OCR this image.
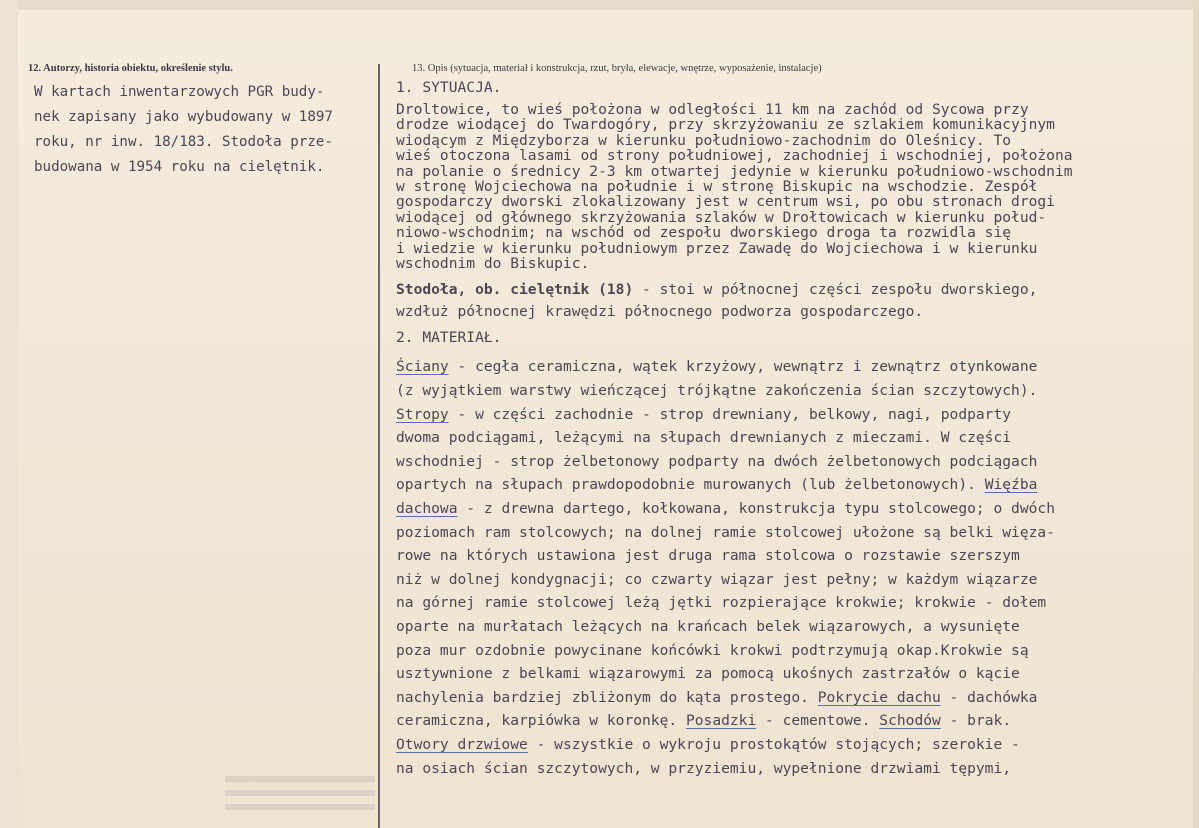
12. Autorzy, historia obiektu, określenie stylu.	13. Opis (sytuacja, materiał i konstrukcja, rzut, bryła, elewacje, wnętrze, wyposażenie, instalacje)
W kartach inwentarzowych PGR budy-
nek zapisany jako wybudowany w 1897
roku, nr inw. 18/183. Stodoła prze-
budowana w 1954 roku na cielętnik.
1. SYTUACJA.
Droltowice, to wieś położona w odległości 11 km na zachód od Sycowa przy
drodze wiodącej do Twardogóry, przy skrzyżowaniu ze szlakiem komunikacyjnym
wiodącym z Międzyborza w kierunku południowo-zachodnim do Oleśnicy. To
wieś otoczona lasami od strony południowej, zachodniej i wschodniej, położona
na polanie o średnicy 2-3 km otwartej jedynie w kierunku południowo-wschodnim
w stronę Wojciechowa na południe i w stronę Biskupic na wschodzie. Zespół
gospodarczy dworski zlokalizowany jest w centrum wsi, po obu stronach drogi
wiodącej od głównego skrzyżowania szlaków w Drołtowicach w kierunku połud-
niowo-wschodnim; na wschód od zespołu dworskiego droga ta rozwidla się
i wiedzie w kierunku południowym przez Zawadę do Wojciechowa i w kierunku
wschodnim do Biskupic.
Stodoła, ob. cielętnik (18) - stoi w północnej części zespołu dworskiego,
wzdłuż północnej krawędzi północnego podworza gospodarczego.
2. MATERIAŁ.
Ściany - cegła ceramiczna, wątek krzyżowy, wewnątrz i zewnątrz otynkowane
(z wyjątkiem warstwy wieńczącej trójkątne zakończenia ścian szczytowych).
Stropy - w części zachodnie - strop drewniany, belkowy, nagi, podparty
dwoma podciągami, leżącymi na słupach drewnianych z mieczami. W części
wschodniej - strop żelbetonowy podparty na dwóch żelbetonowych podciągach
opartych na słupach prawdopodobnie murowanych (lub żelbetonowych). Więźba
dachowa - z drewna dartego, kołkowana, konstrukcja typu stolcowego; o dwóch
poziomach ram stolcowych; na dolnej ramie stolcowej ułożone są belki więza-
rowe na których ustawiona jest druga rama stolcowa o rozstawie szerszym
niż w dolnej kondygnacji; co czwarty wiązar jest pełny; w każdym wiązarze
na górnej ramie stolcowej leżą jętki rozpierające krokwie; krokwie - dołem
oparte na murłatach leżących na krańcach belek wiązarowych, a wysunięte
poza mur ozdobnie powycinane końcówki krokwi podtrzymują okap.Krokwie są
usztywnione z belkami wiązarowymi za pomocą ukośnych zastrzałów o kącie
nachylenia bardziej zbliżonym do kąta prostego. Pokrycie dachu - dachówka
ceramiczna, karpiówka w koronkę. Posadzki - cementowe. Schodów - brak.
Otwory drzwiowe - wszystkie o wykroju prostokątów stojących; szerokie -
na osiach ścian szczytowych, w przyziemiu, wypełnione drzwiami tępymi,
